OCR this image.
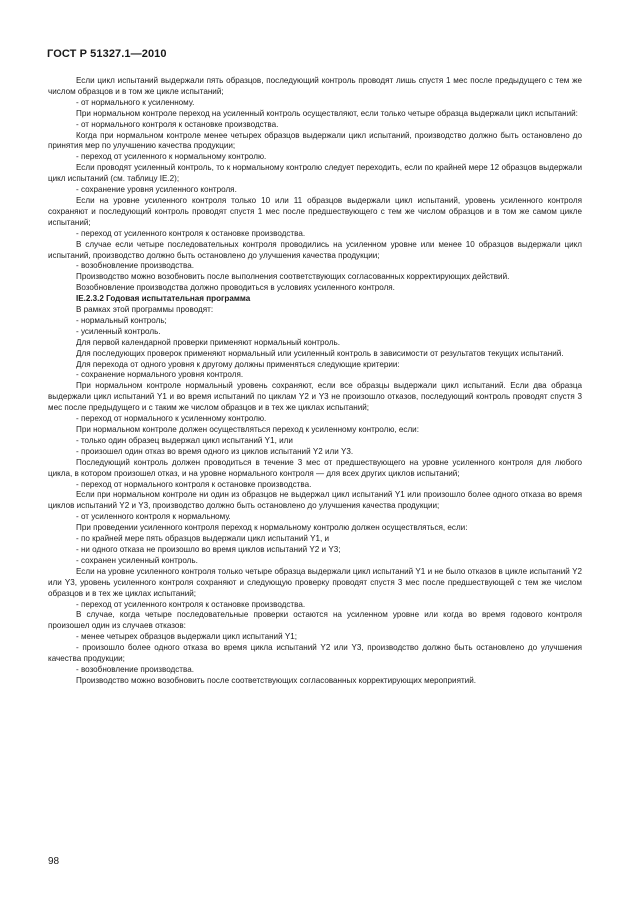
ГОСТ Р 51327.1—2010

Если цикл испытаний выдержали пять образцов, последующий контроль проводят лишь спустя 1 мес после предыдущего с тем же числом образцов и в том же цикле испытаний;

- от нормального к усиленному.

При нормальном контроле переход на усиленный контроль осуществляют, если только четыре образца выдержали цикл испытаний:

- от нормального контроля к остановке производства.

Когда при нормальном контроле менее четырех образцов выдержали цикл испытаний, производство должно быть остановлено до принятия мер по улучшению качества продукции;

- переход от усиленного к нормальному контролю.

Если проводят усиленный контроль, то к нормальному контролю следует переходить, если по крайней мере 12 образцов выдержали цикл испытаний (см. таблицу IE.2);

- сохранение уровня усиленного контроля.

Если на уровне усиленного контроля только 10 или 11 образцов выдержали цикл испытаний, уровень усиленного контроля сохраняют и последующий контроль проводят спустя 1 мес после предшествующего с тем же числом образцов и в том же самом цикле испытаний;

- переход от усиленного контроля к остановке производства.

В случае если четыре последовательных контроля проводились на усиленном уровне или менее 10 образцов выдержали цикл испытаний, производство должно быть остановлено до улучшения качества продукции;

- возобновление производства.

Производство можно возобновить после выполнения соответствующих согласованных корректирующих действий.

Возобновление производства должно проводиться в условиях усиленного контроля.

IE.2.3.2 Годовая испытательная программа

В рамках этой программы проводят:

- нормальный контроль;

- усиленный контроль.

Для первой календарной проверки применяют нормальный контроль.

Для последующих проверок применяют нормальный или усиленный контроль в зависимости от результатов текущих испытаний.

Для перехода от одного уровня к другому должны применяться следующие критерии:

- сохранение нормального уровня контроля.

При нормальном контроле нормальный уровень сохраняют, если все образцы выдержали цикл испытаний. Если два образца выдержали цикл испытаний Y1 и во время испытаний по циклам Y2 и Y3 не произошло отказов, последующий контроль проводят спустя 3 мес после предыдущего и с таким же числом образцов и в тех же циклах испытаний;

- переход от нормального к усиленному контролю.

При нормальном контроле должен осуществляться переход к усиленному контролю, если:

- только один образец выдержал цикл испытаний Y1, или

- произошел один отказ во время одного из циклов испытаний Y2 или Y3.

Последующий контроль должен проводиться в течение 3 мес от предшествующего на уровне усиленного контроля для любого цикла, в котором произошел отказ, и на уровне нормального контроля — для всех других циклов испытаний;

- переход от нормального контроля к остановке производства.

Если при нормальном контроле ни один из образцов не выдержал цикл испытаний Y1 или произошло более одного отказа во время циклов испытаний Y2 и Y3, производство должно быть остановлено до улучшения качества продукции;

- от усиленного контроля к нормальному.

При проведении усиленного контроля переход к нормальному контролю должен осуществляться, если:

- по крайней мере пять образцов выдержали цикл испытаний Y1, и

- ни одного отказа не произошло во время циклов испытаний Y2 и Y3;

- сохранен усиленный контроль.

Если на уровне усиленного контроля только четыре образца выдержали цикл испытаний Y1 и не было отказов в цикле испытаний Y2 или Y3, уровень усиленного контроля сохраняют и следующую проверку проводят спустя 3 мес после предшествующей с тем же числом образцов и в тех же циклах испытаний;

- переход от усиленного контроля к остановке производства.

В случае, когда четыре последовательные проверки остаются на усиленном уровне или когда во время годового контроля произошел один из случаев отказов:

- менее четырех образцов выдержали цикл испытаний Y1;

- произошло более одного отказа во время цикла испытаний Y2 или Y3, производство должно быть остановлено до улучшения качества продукции;

- возобновление производства.

Производство можно возобновить после соответствующих согласованных корректирующих мероприятий.

98
